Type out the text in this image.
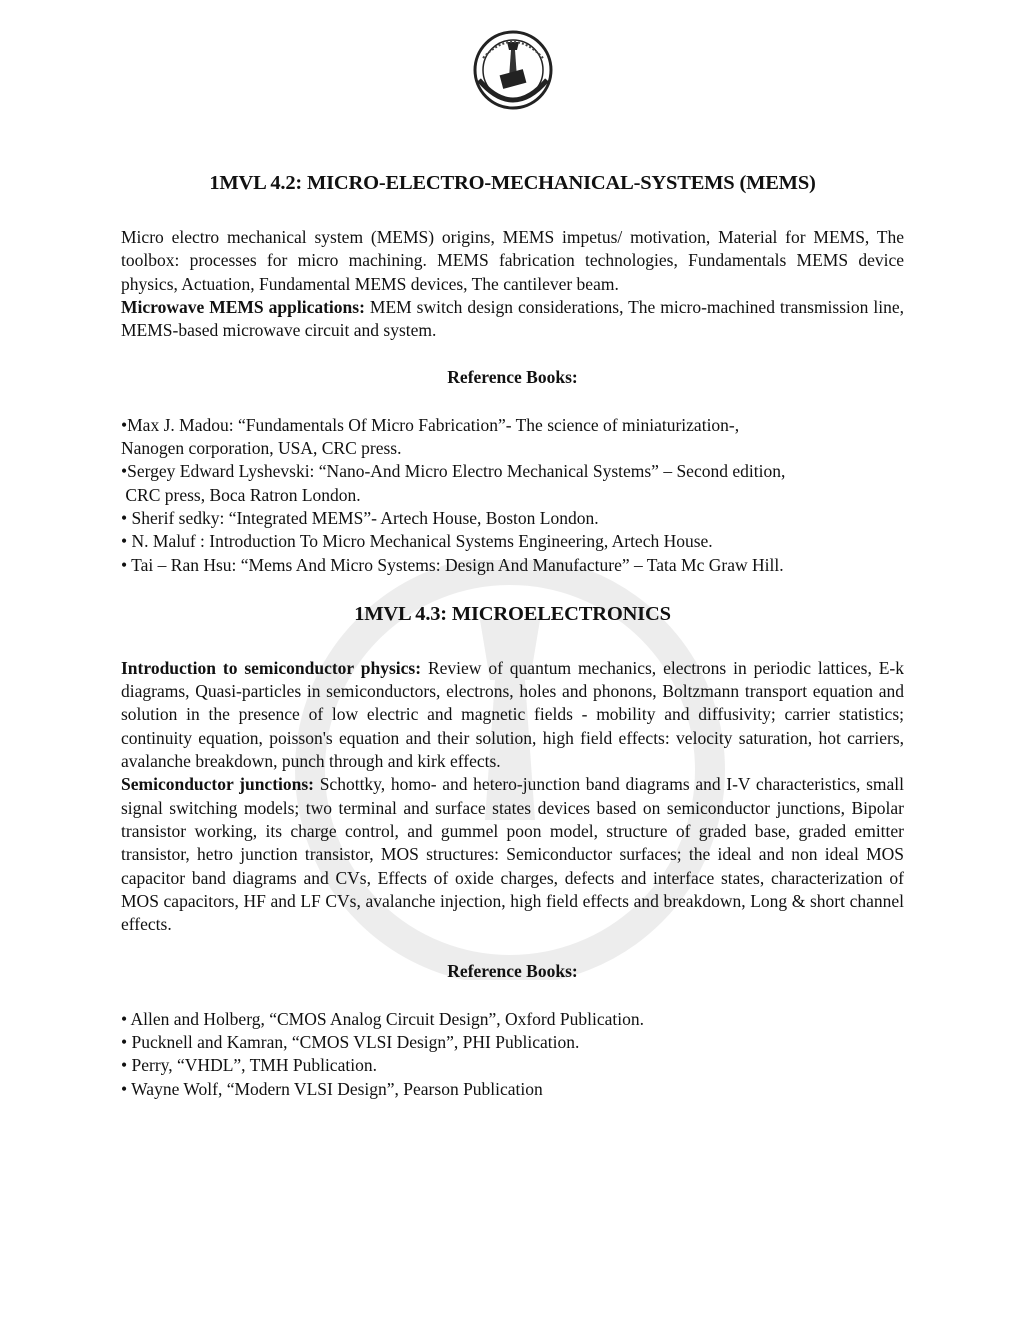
1MVL 4.2: MICRO-ELECTRO-MECHANICAL-SYSTEMS (MEMS)

Micro electro mechanical system (MEMS) origins, MEMS impetus/ motivation, Material for MEMS, The toolbox: processes for micro machining. MEMS fabrication technologies, Fundamentals MEMS device physics, Actuation, Fundamental MEMS devices, The cantilever beam.

Microwave MEMS applications: MEM switch design considerations, The micro-machined transmission line, MEMS-based microwave circuit and system.

Reference Books:

•Max J. Madou: “Fundamentals Of Micro Fabrication”- The science of miniaturization-,

Nanogen corporation, USA, CRC press.

•Sergey Edward Lyshevski: “Nano-And Micro Electro Mechanical Systems” – Second edition,

CRC press, Boca Ratron London.

• Sherif sedky: “Integrated MEMS”- Artech House, Boston London.

• N. Maluf : Introduction To Micro Mechanical Systems Engineering, Artech House.

• Tai – Ran Hsu: “Mems And Micro Systems: Design And Manufacture” – Tata Mc Graw Hill.

1MVL 4.3: MICROELECTRONICS

Introduction to semiconductor physics: Review of quantum mechanics, electrons in periodic lattices, E-k diagrams, Quasi-particles in semiconductors, electrons, holes and phonons, Boltzmann transport equation and solution in the presence of low electric and magnetic fields - mobility and diffusivity; carrier statistics; continuity equation, poisson's equation and their solution, high field effects: velocity saturation, hot carriers, avalanche breakdown, punch through and kirk effects.

Semiconductor junctions: Schottky, homo- and hetero-junction band diagrams and I-V characteristics, small signal switching models; two terminal and surface states devices based on semiconductor junctions, Bipolar transistor working, its charge control, and gummel poon model, structure of graded base, graded emitter transistor, hetro junction transistor, MOS structures: Semiconductor surfaces; the ideal and non ideal MOS capacitor band diagrams and CVs, Effects of oxide charges, defects and interface states, characterization of MOS capacitors, HF and LF CVs, avalanche injection, high field effects and breakdown, Long & short channel effects.

Reference Books:

• Allen and Holberg, “CMOS Analog Circuit Design”, Oxford Publication.

• Pucknell and Kamran, “CMOS VLSI Design”, PHI Publication.

• Perry, “VHDL”, TMH Publication.

• Wayne Wolf, “Modern VLSI Design”, Pearson Publication
